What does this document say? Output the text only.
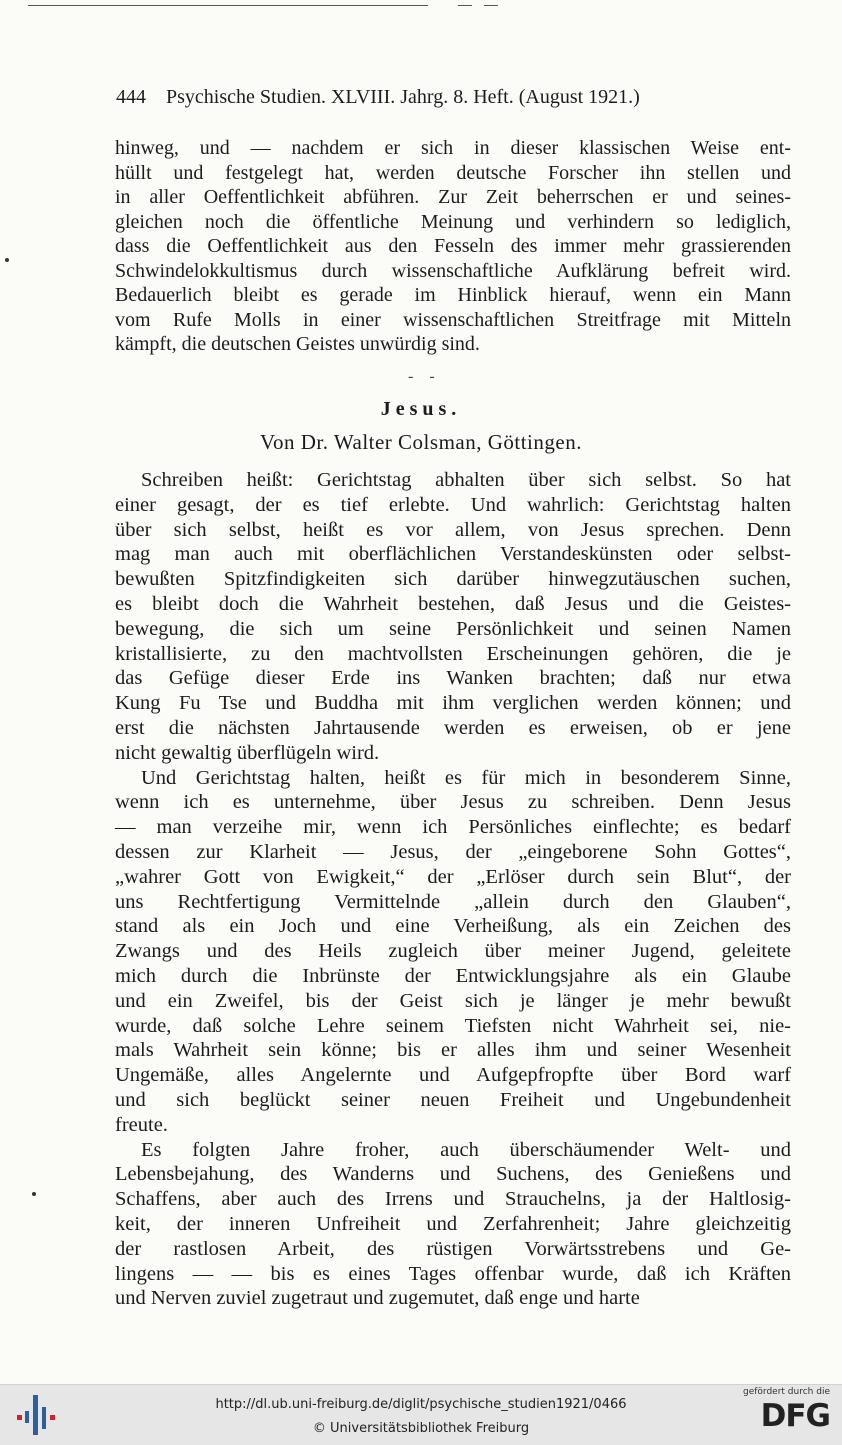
444 Psychische Studien. XLVIII. Jahrg. 8. Heft. (August 1921.)
hinweg, und — nachdem er sich in dieser klassischen Weise ent-
hüllt und festgelegt hat, werden deutsche Forscher ihn stellen und
in aller Oeffentlichkeit abführen. Zur Zeit beherrschen er und seines-
gleichen noch die öffentliche Meinung und verhindern so lediglich,
dass die Oeffentlichkeit aus den Fesseln des immer mehr grassierenden
Schwindelokkultismus durch wissenschaftliche Aufklärung befreit wird.
Bedauerlich bleibt es gerade im Hinblick hierauf, wenn ein Mann
vom Rufe Molls in einer wissenschaftlichen Streitfrage mit Mitteln
kämpft, die deutschen Geistes unwürdig sind.
- -
Jesus.
Von Dr. Walter Colsman, Göttingen.
Schreiben heißt: Gerichtstag abhalten über sich selbst. So hat
einer gesagt, der es tief erlebte. Und wahrlich: Gerichtstag halten
über sich selbst, heißt es vor allem, von Jesus sprechen. Denn
mag man auch mit oberflächlichen Verstandeskünsten oder selbst-
bewußten Spitzfindigkeiten sich darüber hinwegzutäuschen suchen,
es bleibt doch die Wahrheit bestehen, daß Jesus und die Geistes-
bewegung, die sich um seine Persönlichkeit und seinen Namen
kristallisierte, zu den machtvollsten Erscheinungen gehören, die je
das Gefüge dieser Erde ins Wanken brachten; daß nur etwa
Kung Fu Tse und Buddha mit ihm verglichen werden können; und
erst die nächsten Jahrtausende werden es erweisen, ob er jene
nicht gewaltig überflügeln wird.
Und Gerichtstag halten, heißt es für mich in besonderem Sinne,
wenn ich es unternehme, über Jesus zu schreiben. Denn Jesus
— man verzeihe mir, wenn ich Persönliches einflechte; es bedarf
dessen zur Klarheit — Jesus, der „eingeborene Sohn Gottes“,
„wahrer Gott von Ewigkeit,“ der „Erlöser durch sein Blut“, der
uns Rechtfertigung Vermittelnde „allein durch den Glauben“,
stand als ein Joch und eine Verheißung, als ein Zeichen des
Zwangs und des Heils zugleich über meiner Jugend, geleitete
mich durch die Inbrünste der Entwicklungsjahre als ein Glaube
und ein Zweifel, bis der Geist sich je länger je mehr bewußt
wurde, daß solche Lehre seinem Tiefsten nicht Wahrheit sei, nie-
mals Wahrheit sein könne; bis er alles ihm und seiner Wesenheit
Ungemäße, alles Angelernte und Aufgepfropfte über Bord warf
und sich beglückt seiner neuen Freiheit und Ungebundenheit
freute.
Es folgten Jahre froher, auch überschäumender Welt- und
Lebensbejahung, des Wanderns und Suchens, des Genießens und
Schaffens, aber auch des Irrens und Strauchelns, ja der Haltlosig-
keit, der inneren Unfreiheit und Zerfahrenheit; Jahre gleichzeitig
der rastlosen Arbeit, des rüstigen Vorwärtsstrebens und Ge-
lingens — — bis es eines Tages offenbar wurde, daß ich Kräften
und Nerven zuviel zugetraut und zugemutet, daß enge und harte
http://dl.ub.uni-freiburg.de/diglit/psychische_studien1921/0466
© Universitätsbibliothek Freiburg
gefördert durch die
DFG
